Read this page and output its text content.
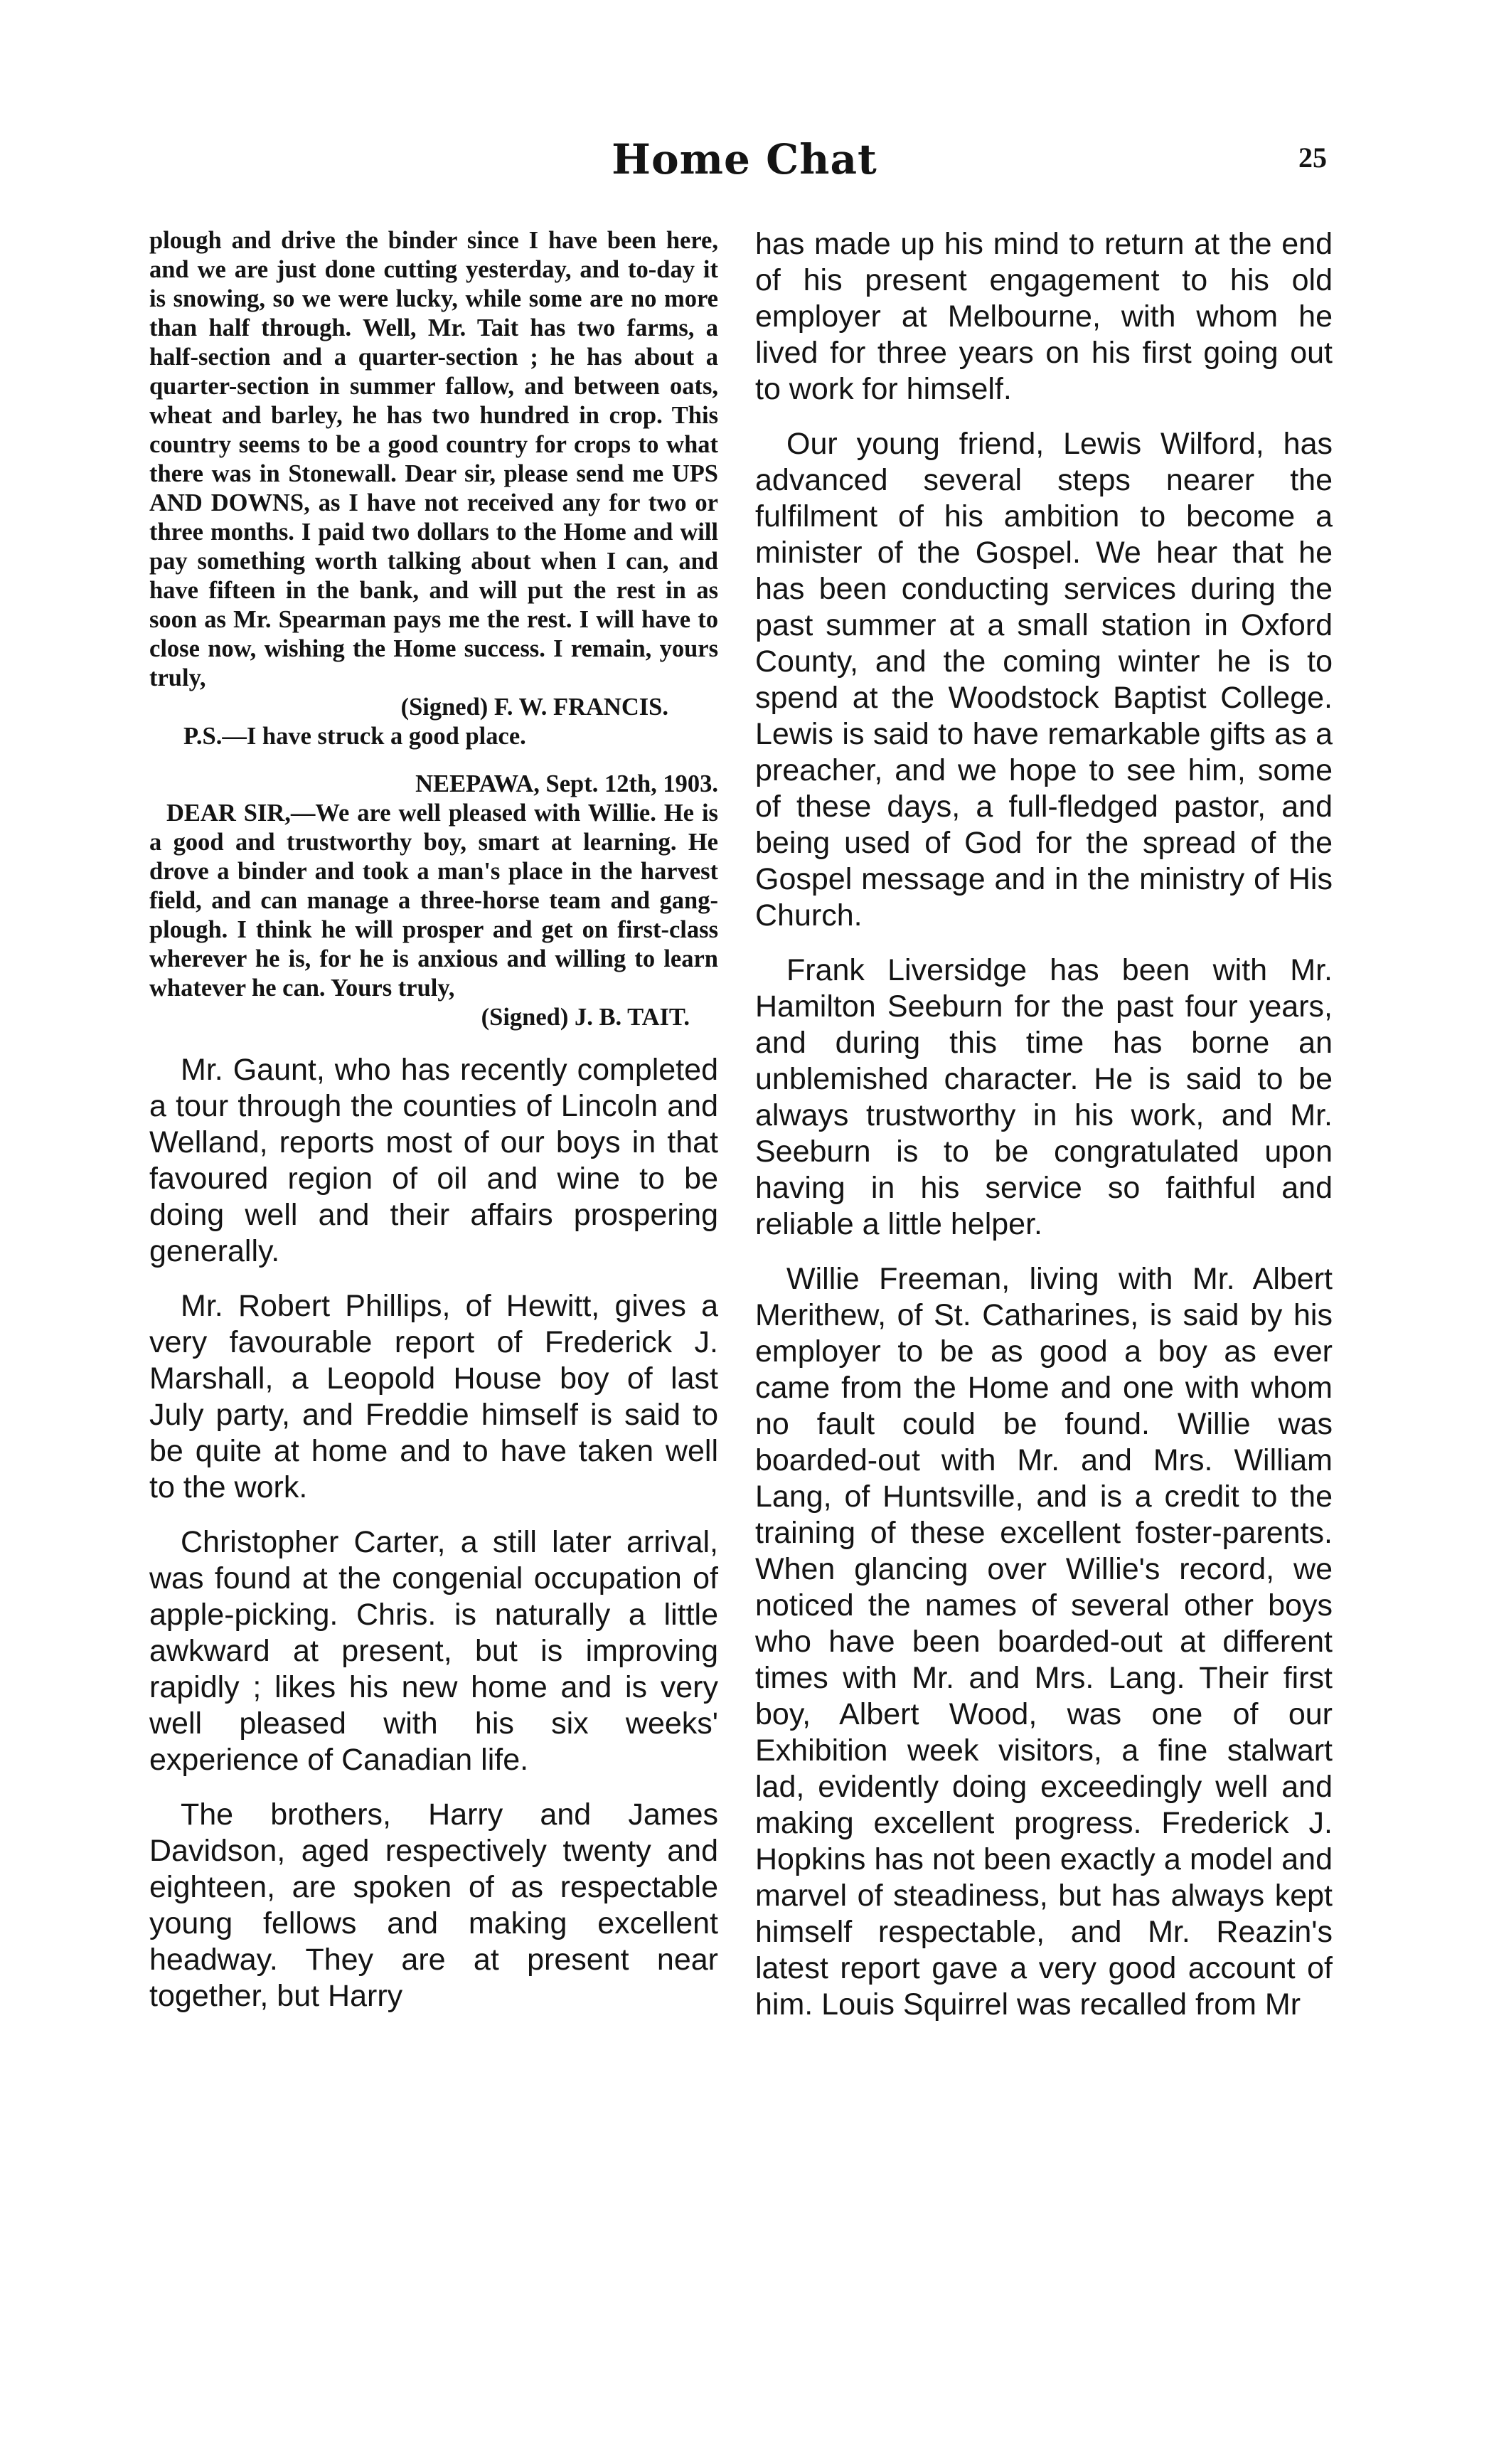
Home Chat	25

plough and drive the binder since I have been here, and we are just done cutting yesterday, and to-day it is snowing, so we were lucky, while some are no more than half through. Well, Mr. Tait has two farms, a half-section and a quarter-section ; he has about a quarter-section in summer fallow, and between oats, wheat and barley, he has two hundred in crop. This country seems to be a good country for crops to what there was in Stonewall. Dear sir, please send me UPS AND DOWNS, as I have not received any for two or three months. I paid two dollars to the Home and will pay something worth talking about when I can, and have fifteen in the bank, and will put the rest in as soon as Mr. Spearman pays me the rest. I will have to close now, wishing the Home success. I remain, yours truly,

(Signed) F. W. FRANCIS.

P.S.—I have struck a good place.

NEEPAWA, Sept. 12th, 1903.

DEAR SIR,—We are well pleased with Willie. He is a good and trustworthy boy, smart at learning. He drove a binder and took a man's place in the harvest field, and can manage a three-horse team and gang-plough. I think he will prosper and get on first-class wherever he is, for he is anxious and willing to learn whatever he can. Yours truly,

(Signed) J. B. TAIT.

Mr. Gaunt, who has recently completed a tour through the counties of Lincoln and Welland, reports most of our boys in that favoured region of oil and wine to be doing well and their affairs prospering generally.

Mr. Robert Phillips, of Hewitt, gives a very favourable report of Frederick J. Marshall, a Leopold House boy of last July party, and Freddie himself is said to be quite at home and to have taken well to the work.

Christopher Carter, a still later arrival, was found at the congenial occupation of apple-picking. Chris. is naturally a little awkward at present, but is improving rapidly ; likes his new home and is very well pleased with his six weeks' experience of Canadian life.

The brothers, Harry and James Davidson, aged respectively twenty and eighteen, are spoken of as respectable young fellows and making excellent headway. They are at present near together, but Harry

has made up his mind to return at the end of his present engagement to his old employer at Melbourne, with whom he lived for three years on his first going out to work for himself.

Our young friend, Lewis Wilford, has advanced several steps nearer the fulfilment of his ambition to become a minister of the Gospel. We hear that he has been conducting services during the past summer at a small station in Oxford County, and the coming winter he is to spend at the Woodstock Baptist College. Lewis is said to have remarkable gifts as a preacher, and we hope to see him, some of these days, a full-fledged pastor, and being used of God for the spread of the Gospel message and in the ministry of His Church.

Frank Liversidge has been with Mr. Hamilton Seeburn for the past four years, and during this time has borne an unblemished character. He is said to be always trustworthy in his work, and Mr. Seeburn is to be congratulated upon having in his service so faithful and reliable a little helper.

Willie Freeman, living with Mr. Albert Merithew, of St. Catharines, is said by his employer to be as good a boy as ever came from the Home and one with whom no fault could be found. Willie was boarded-out with Mr. and Mrs. William Lang, of Huntsville, and is a credit to the training of these excellent foster-parents. When glancing over Willie's record, we noticed the names of several other boys who have been boarded-out at different times with Mr. and Mrs. Lang. Their first boy, Albert Wood, was one of our Exhibition week visitors, a fine stalwart lad, evidently doing exceedingly well and making excellent progress. Frederick J. Hopkins has not been exactly a model and marvel of steadiness, but has always kept himself respectable, and Mr. Reazin's latest report gave a very good account of him. Louis Squirrel was recalled from Mr
